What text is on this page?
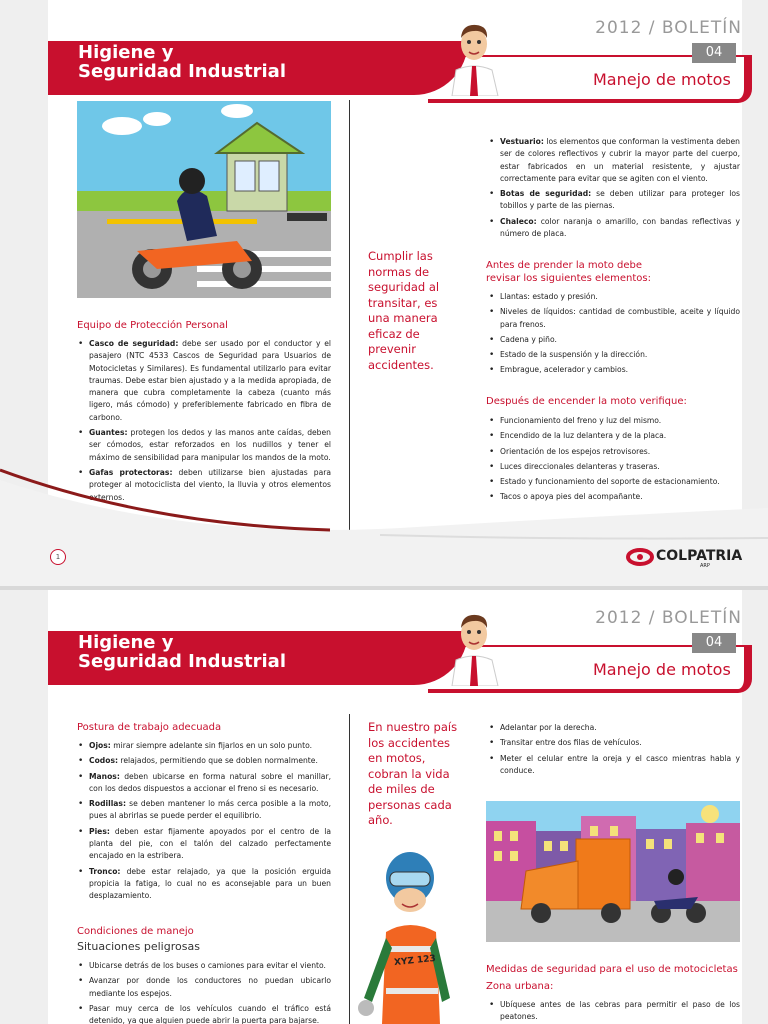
2012 / BOLETÍN
Manejo de motos
Higiene y
Seguridad Industrial
04
Equipo de Protección Personal
• Casco de seguridad: debe ser usado por el conductor y el pasajero (NTC 4533 Cascos de Seguridad para Usuarios de Motocicletas y Similares). Es fundamental utilizarlo para evitar traumas. Debe estar bien ajustado y a la medida apropiada, de manera que cubra completamente la cabeza (cuanto más ligero, más cómodo) y preferiblemente fabricado en fibra de carbono.
• Guantes: protegen los dedos y las manos ante caídas, deben ser cómodos, estar reforzados en los nudillos y tener el máximo de sensibilidad para manipular los mandos de la moto.
• Gafas protectoras: deben utilizarse bien ajustadas para proteger al motociclista del viento, la lluvia y otros elementos externos.
Cumplir las normas de seguridad al transitar, es una manera eficaz de prevenir accidentes.
• Vestuario: los elementos que conforman la vestimenta deben ser de colores reflectivos y cubrir la mayor parte del cuerpo, estar fabricados en un material resistente, y ajustar correctamente para evitar que se agiten con el viento.
• Botas de seguridad: se deben utilizar para proteger los tobillos y parte de las piernas.
• Chaleco: color naranja o amarillo, con bandas reflectivas y número de placa.
Antes de prender la moto debe revisar los siguientes elementos:
• Llantas: estado y presión.
• Niveles de líquidos: cantidad de combustible, aceite y líquido para frenos.
• Cadena y piño.
• Estado de la suspensión y la dirección.
• Embrague, acelerador y cambios.
Después de encender la moto verifique:
• Funcionamiento del freno y luz del mismo.
• Encendido de la luz delantera y de la placa.
• Orientación de los espejos retrovisores.
• Luces direccionales delanteras y traseras.
• Estado y funcionamiento del soporte de estacionamiento.
• Tacos o apoya pies del acompañante.
1	COLPATRIA
ARP
2012 / BOLETÍN
Manejo de motos
Higiene y
Seguridad Industrial
04
Postura de trabajo adecuada
• Ojos: mirar siempre adelante sin fijarlos en un solo punto.
• Codos: relajados, permitiendo que se doblen normalmente.
• Manos: deben ubicarse en forma natural sobre el manillar, con los dedos dispuestos a accionar el freno si es necesario.
• Rodillas: se deben mantener lo más cerca posible a la moto, pues al abrirlas se puede perder el equilibrio.
• Pies: deben estar fijamente apoyados por el centro de la planta del pie, con el talón del calzado perfectamente encajado en la estribera.
• Tronco: debe estar relajado, ya que la posición erguida propicia la fatiga, lo cual no es aconsejable para un buen desplazamiento.
Condiciones de manejo
Situaciones peligrosas
• Ubicarse detrás de los buses o camiones para evitar el viento.
• Avanzar por donde los conductores no puedan ubicarlo mediante los espejos.
• Pasar muy cerca de los vehículos cuando el tráfico está detenido, ya que alguien puede abrir la puerta para bajarse.
En nuestro país los accidentes en motos, cobran la vida de miles de personas cada año.
XYZ 123
• Adelantar por la derecha.
• Transitar entre dos filas de vehículos.
• Meter el celular entre la oreja y el casco mientras habla y conduce.
Medidas de seguridad para el uso de motocicletas
Zona urbana:
• Ubíquese antes de las cebras para permitir el paso de los peatones.
